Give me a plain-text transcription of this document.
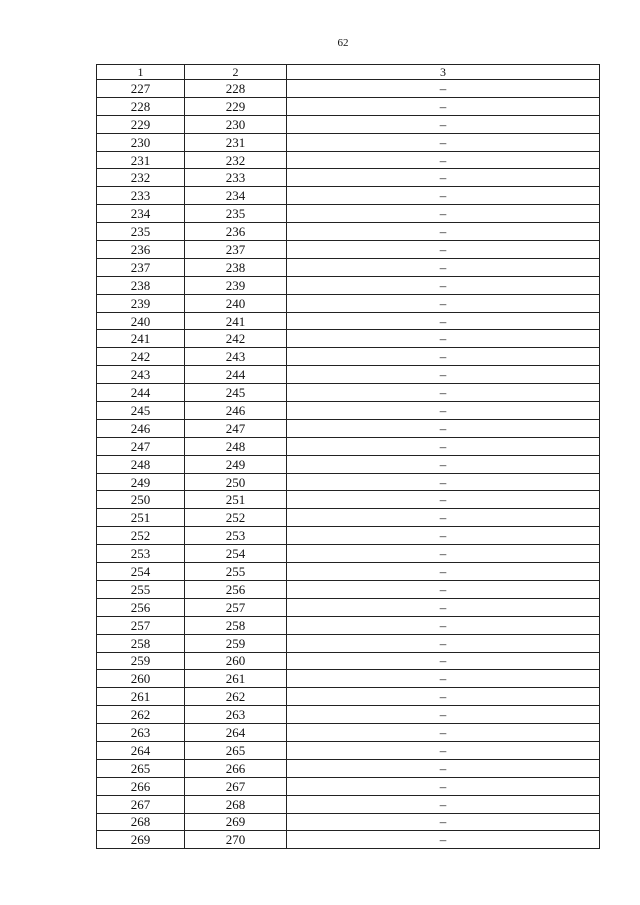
62
1	2	3
227	228	–
228	229	–
229	230	–
230	231	–
231	232	–
232	233	–
233	234	–
234	235	–
235	236	–
236	237	–
237	238	–
238	239	–
239	240	–
240	241	–
241	242	–
242	243	–
243	244	–
244	245	–
245	246	–
246	247	–
247	248	–
248	249	–
249	250	–
250	251	–
251	252	–
252	253	–
253	254	–
254	255	–
255	256	–
256	257	–
257	258	–
258	259	–
259	260	–
260	261	–
261	262	–
262	263	–
263	264	–
264	265	–
265	266	–
266	267	–
267	268	–
268	269	–
269	270	–
